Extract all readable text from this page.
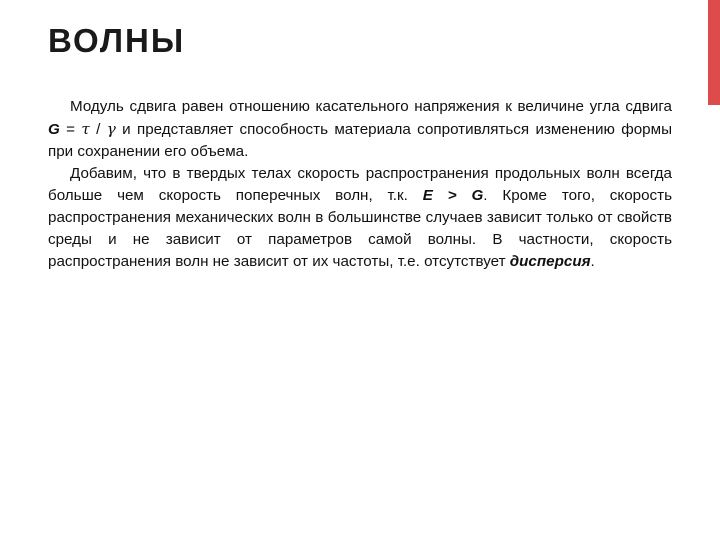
ВОЛНЫ

Модуль сдвига равен отношению касательного напряжения к величине угла сдвига G = τ / γ и представляет способность материала сопротивляться изменению формы при сохранении его объема.

Добавим, что в твердых телах скорость распространения продольных волн всегда больше чем скорость поперечных волн, т.к. E > G. Кроме того, скорость распространения механических волн в большинстве случаев зависит только от свойств среды и не зависит от параметров самой волны. В частности, скорость распространения волн не зависит от их частоты, т.е. отсутствует дисперсия.
